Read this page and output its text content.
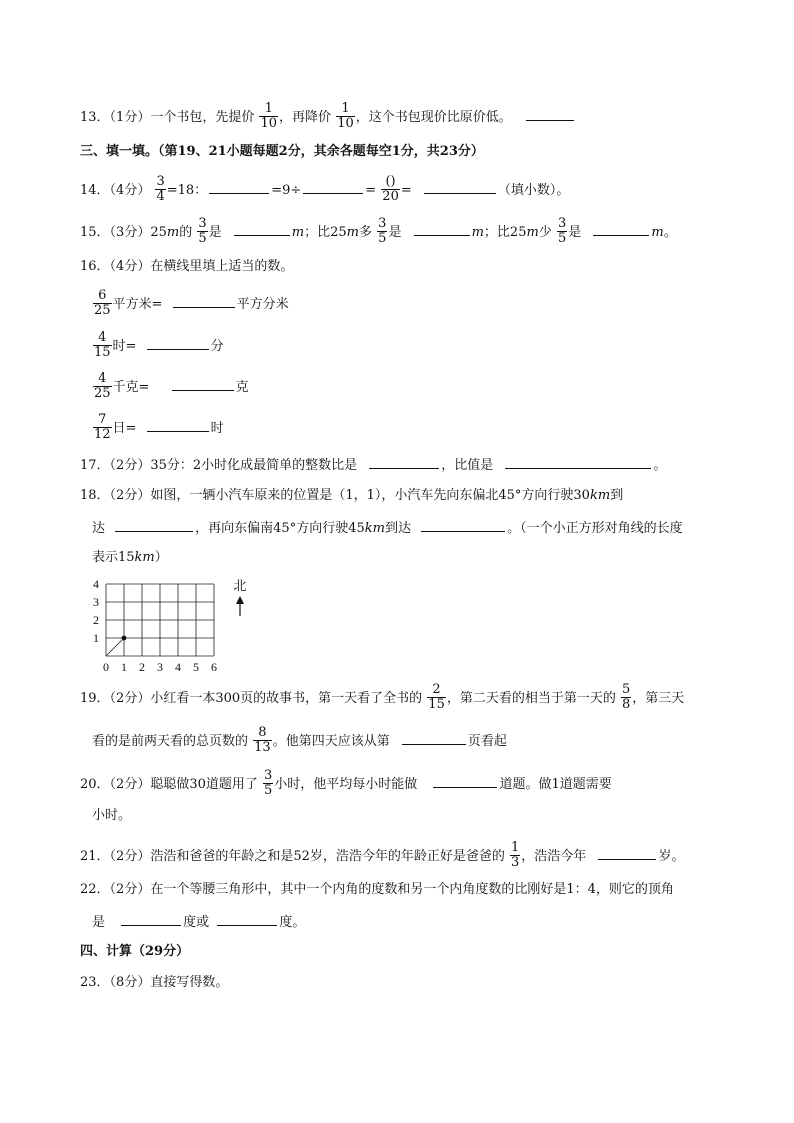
13．（1分）一个书包，先提价 $\frac{1}{10}$ ，再降价 $\frac{1}{10}$ ，这个书包现价比原价低。
三、填一填。（第19、21小题每题2分，其余各题每空1分，共23分）
14．（4分） $\frac{3}{4} =18$：	=9÷	= $\frac{()}{20}$ =	（填小数）。
15．（3分）25m的 $\frac{3}{5}$ 是	m；比25m多 $\frac{3}{5}$ 是	m；比25m少 $\frac{3}{5}$ 是	m。
16．（4分）在横线里填上适当的数。
$\frac{6}{25}$ 平方米=	平方分米
$\frac{4}{15}$ 时=	分
$\frac{4}{25}$ 千克=	克
$\frac{7}{12}$ 日=	时
17．（2分）35分：2小时化成最简单的整数比是	，比值是	。
18．（2分）如图，一辆小汽车原来的位置是（1，1），小汽车先向东偏北45°方向行驶30km到
达	，再向东偏南45°方向行驶45km到达	。（一个小正方形对角线的长度
表示15km）
4
3
2
1
0 1 2 3 4 5 6
北
19．（2分）小红看一本300页的故事书，第一天看了全书的 $\frac{2}{15}$ ，第二天看的相当于第一天的 $\frac{5}{8}$ ，第三天
看的是前两天看的总页数的 $\frac{8}{13}$ 。他第四天应该从第	页看起
20．（2分）聪聪做30道题用了 $\frac{3}{5}$ 小时，他平均每小时能做	道题。做1道题需要
小时。
21．（2分）浩浩和爸爸的年龄之和是52岁，浩浩今年的年龄正好是爸爸的 $\frac{1}{3}$ ，浩浩今年	岁。
22．（2分）在一个等腰三角形中，其中一个内角的度数和另一个内角度数的比刚好是1：4，则它的顶角
是	度或	度。
四、计算（29分）
23．（8分）直接写得数。
